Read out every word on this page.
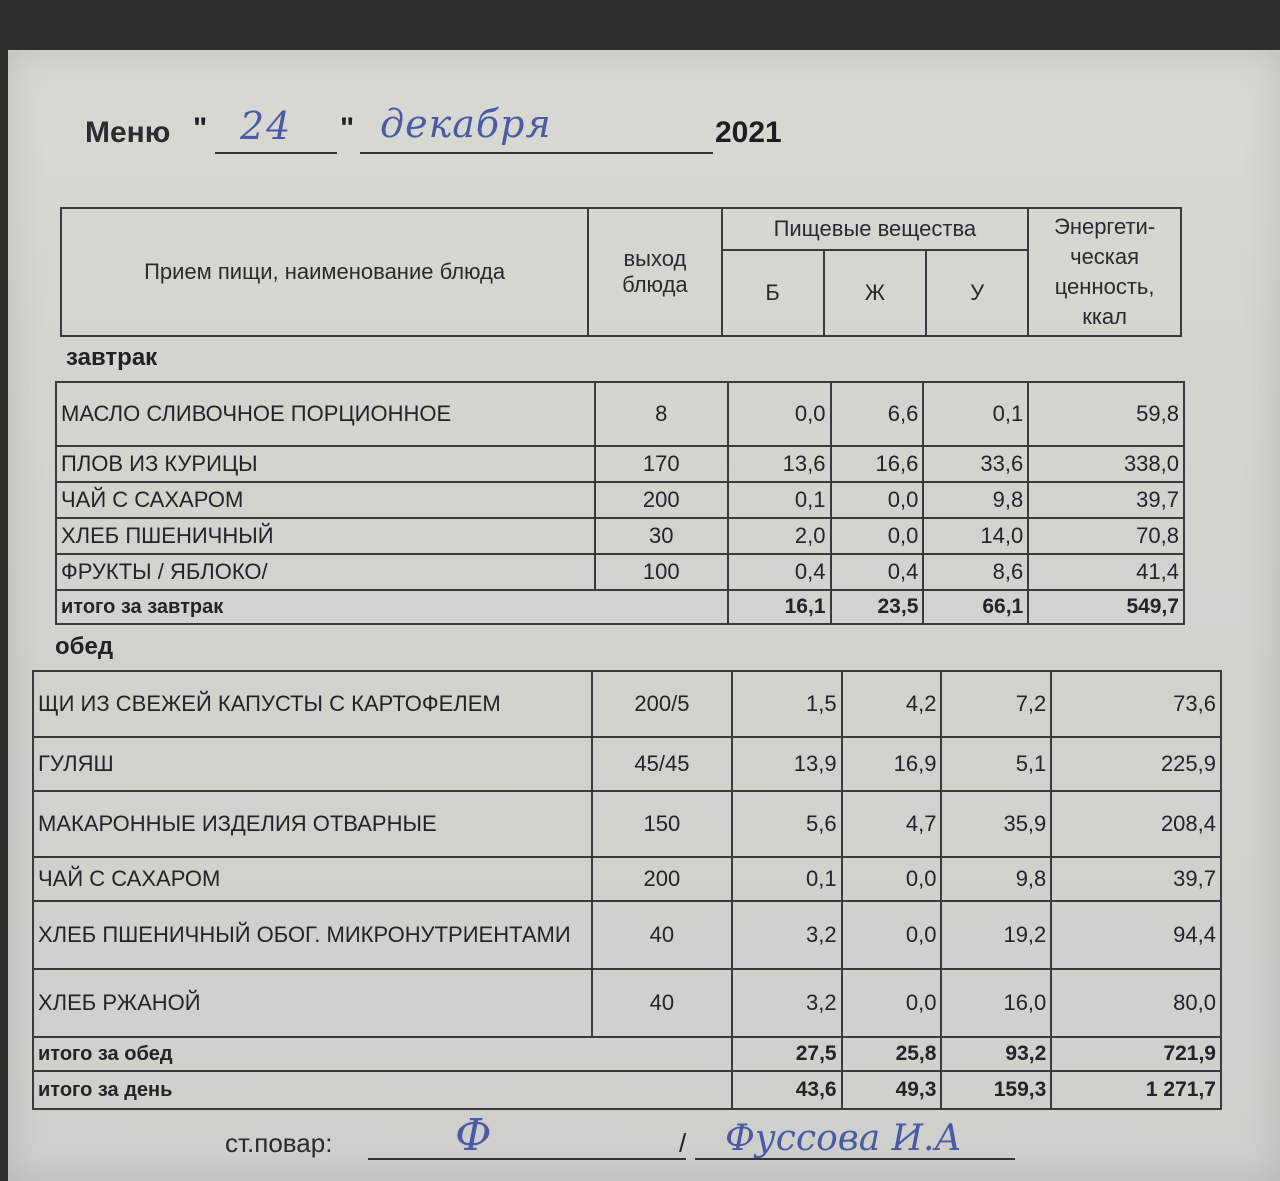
Меню " 24 " декабря	2021
Прием пищи, наименование блюда	выход блюда	Пищевые вещества			Энергети- ческая ценность, ккал
		Б	Ж	У	
завтрак
МАСЛО СЛИВОЧНОЕ ПОРЦИОННОЕ	8	0,0	6,6	0,1	59,8
ПЛОВ ИЗ КУРИЦЫ	170	13,6	16,6	33,6	338,0
ЧАЙ С САХАРОМ	200	0,1	0,0	9,8	39,7
ХЛЕБ ПШЕНИЧНЫЙ	30	2,0	0,0	14,0	70,8
ФРУКТЫ / ЯБЛОКО/	100	0,4	0,4	8,6	41,4
итого за завтрак		16,1	23,5	66,1	549,7
обед
ЩИ ИЗ СВЕЖЕЙ КАПУСТЫ С КАРТОФЕЛЕМ	200/5	1,5	4,2	7,2	73,6
ГУЛЯШ	45/45	13,9	16,9	5,1	225,9
МАКАРОННЫЕ ИЗДЕЛИЯ ОТВАРНЫЕ	150	5,6	4,7	35,9	208,4
ЧАЙ С САХАРОМ	200	0,1	0,0	9,8	39,7
ХЛЕБ ПШЕНИЧНЫЙ ОБОГ. МИКРОНУТРИЕНТАМИ	40	3,2	0,0	19,2	94,4
ХЛЕБ РЖАНОЙ	40	3,2	0,0	16,0	80,0
итого за обед		27,5	25,8	93,2	721,9
итого за день		43,6	49,3	159,3	1 271,7
ст.повар:	Ф	/ Фуссова И.А
